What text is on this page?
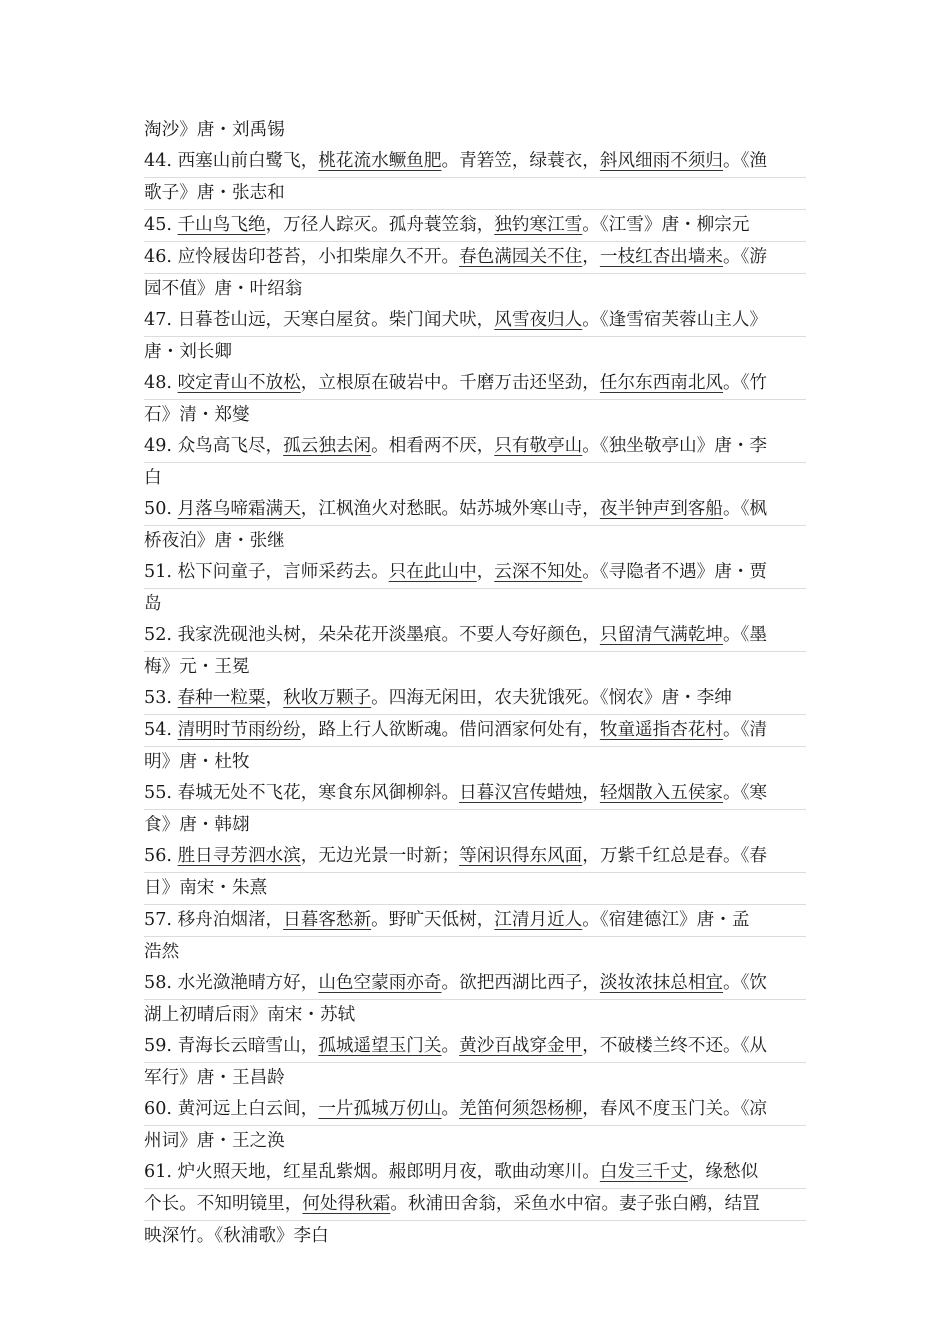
淘沙》唐・刘禹锡
44. 西塞山前白鹭飞，桃花流水鳜鱼肥。青箬笠，绿蓑衣，斜风细雨不须归。《渔
歌子》唐・张志和
45. 千山鸟飞绝，万径人踪灭。孤舟蓑笠翁，独钓寒江雪。《江雪》唐・柳宗元
46. 应怜屐齿印苍苔，小扣柴扉久不开。春色满园关不住，一枝红杏出墙来。《游
园不值》唐・叶绍翁
47. 日暮苍山远，天寒白屋贫。柴门闻犬吠，风雪夜归人。《逢雪宿芙蓉山主人》
唐・刘长卿
48. 咬定青山不放松，立根原在破岩中。千磨万击还坚劲，任尔东西南北风。《竹
石》清・郑燮
49. 众鸟高飞尽，孤云独去闲。相看两不厌，只有敬亭山。《独坐敬亭山》唐・李
白
50. 月落乌啼霜满天，江枫渔火对愁眠。姑苏城外寒山寺，夜半钟声到客船。《枫
桥夜泊》唐・张继
51. 松下问童子，言师采药去。只在此山中，云深不知处。《寻隐者不遇》唐・贾
岛
52. 我家洗砚池头树，朵朵花开淡墨痕。不要人夸好颜色，只留清气满乾坤。《墨
梅》元・王冕
53. 春种一粒粟，秋收万颗子。四海无闲田，农夫犹饿死。《悯农》唐・李绅
54. 清明时节雨纷纷，路上行人欲断魂。借问酒家何处有，牧童遥指杏花村。《清
明》唐・杜牧
55. 春城无处不飞花，寒食东风御柳斜。日暮汉宫传蜡烛，轻烟散入五侯家。《寒
食》唐・韩翃
56. 胜日寻芳泗水滨，无边光景一时新；等闲识得东风面，万紫千红总是春。《春
日》南宋・朱熹
57. 移舟泊烟渚，日暮客愁新。野旷天低树，江清月近人。《宿建德江》唐・孟
浩然
58. 水光潋滟晴方好，山色空蒙雨亦奇。欲把西湖比西子，淡妆浓抹总相宜。《饮
湖上初晴后雨》南宋・苏轼
59. 青海长云暗雪山，孤城遥望玉门关。黄沙百战穿金甲，不破楼兰终不还。《从
军行》唐・王昌龄
60. 黄河远上白云间，一片孤城万仞山。羌笛何须怨杨柳，春风不度玉门关。《凉
州词》唐・王之涣
61. 炉火照天地，红星乱紫烟。赧郎明月夜，歌曲动寒川。白发三千丈，缘愁似
个长。不知明镜里，何处得秋霜。秋浦田舍翁，采鱼水中宿。妻子张白鹇，结罝
映深竹。《秋浦歌》李白
